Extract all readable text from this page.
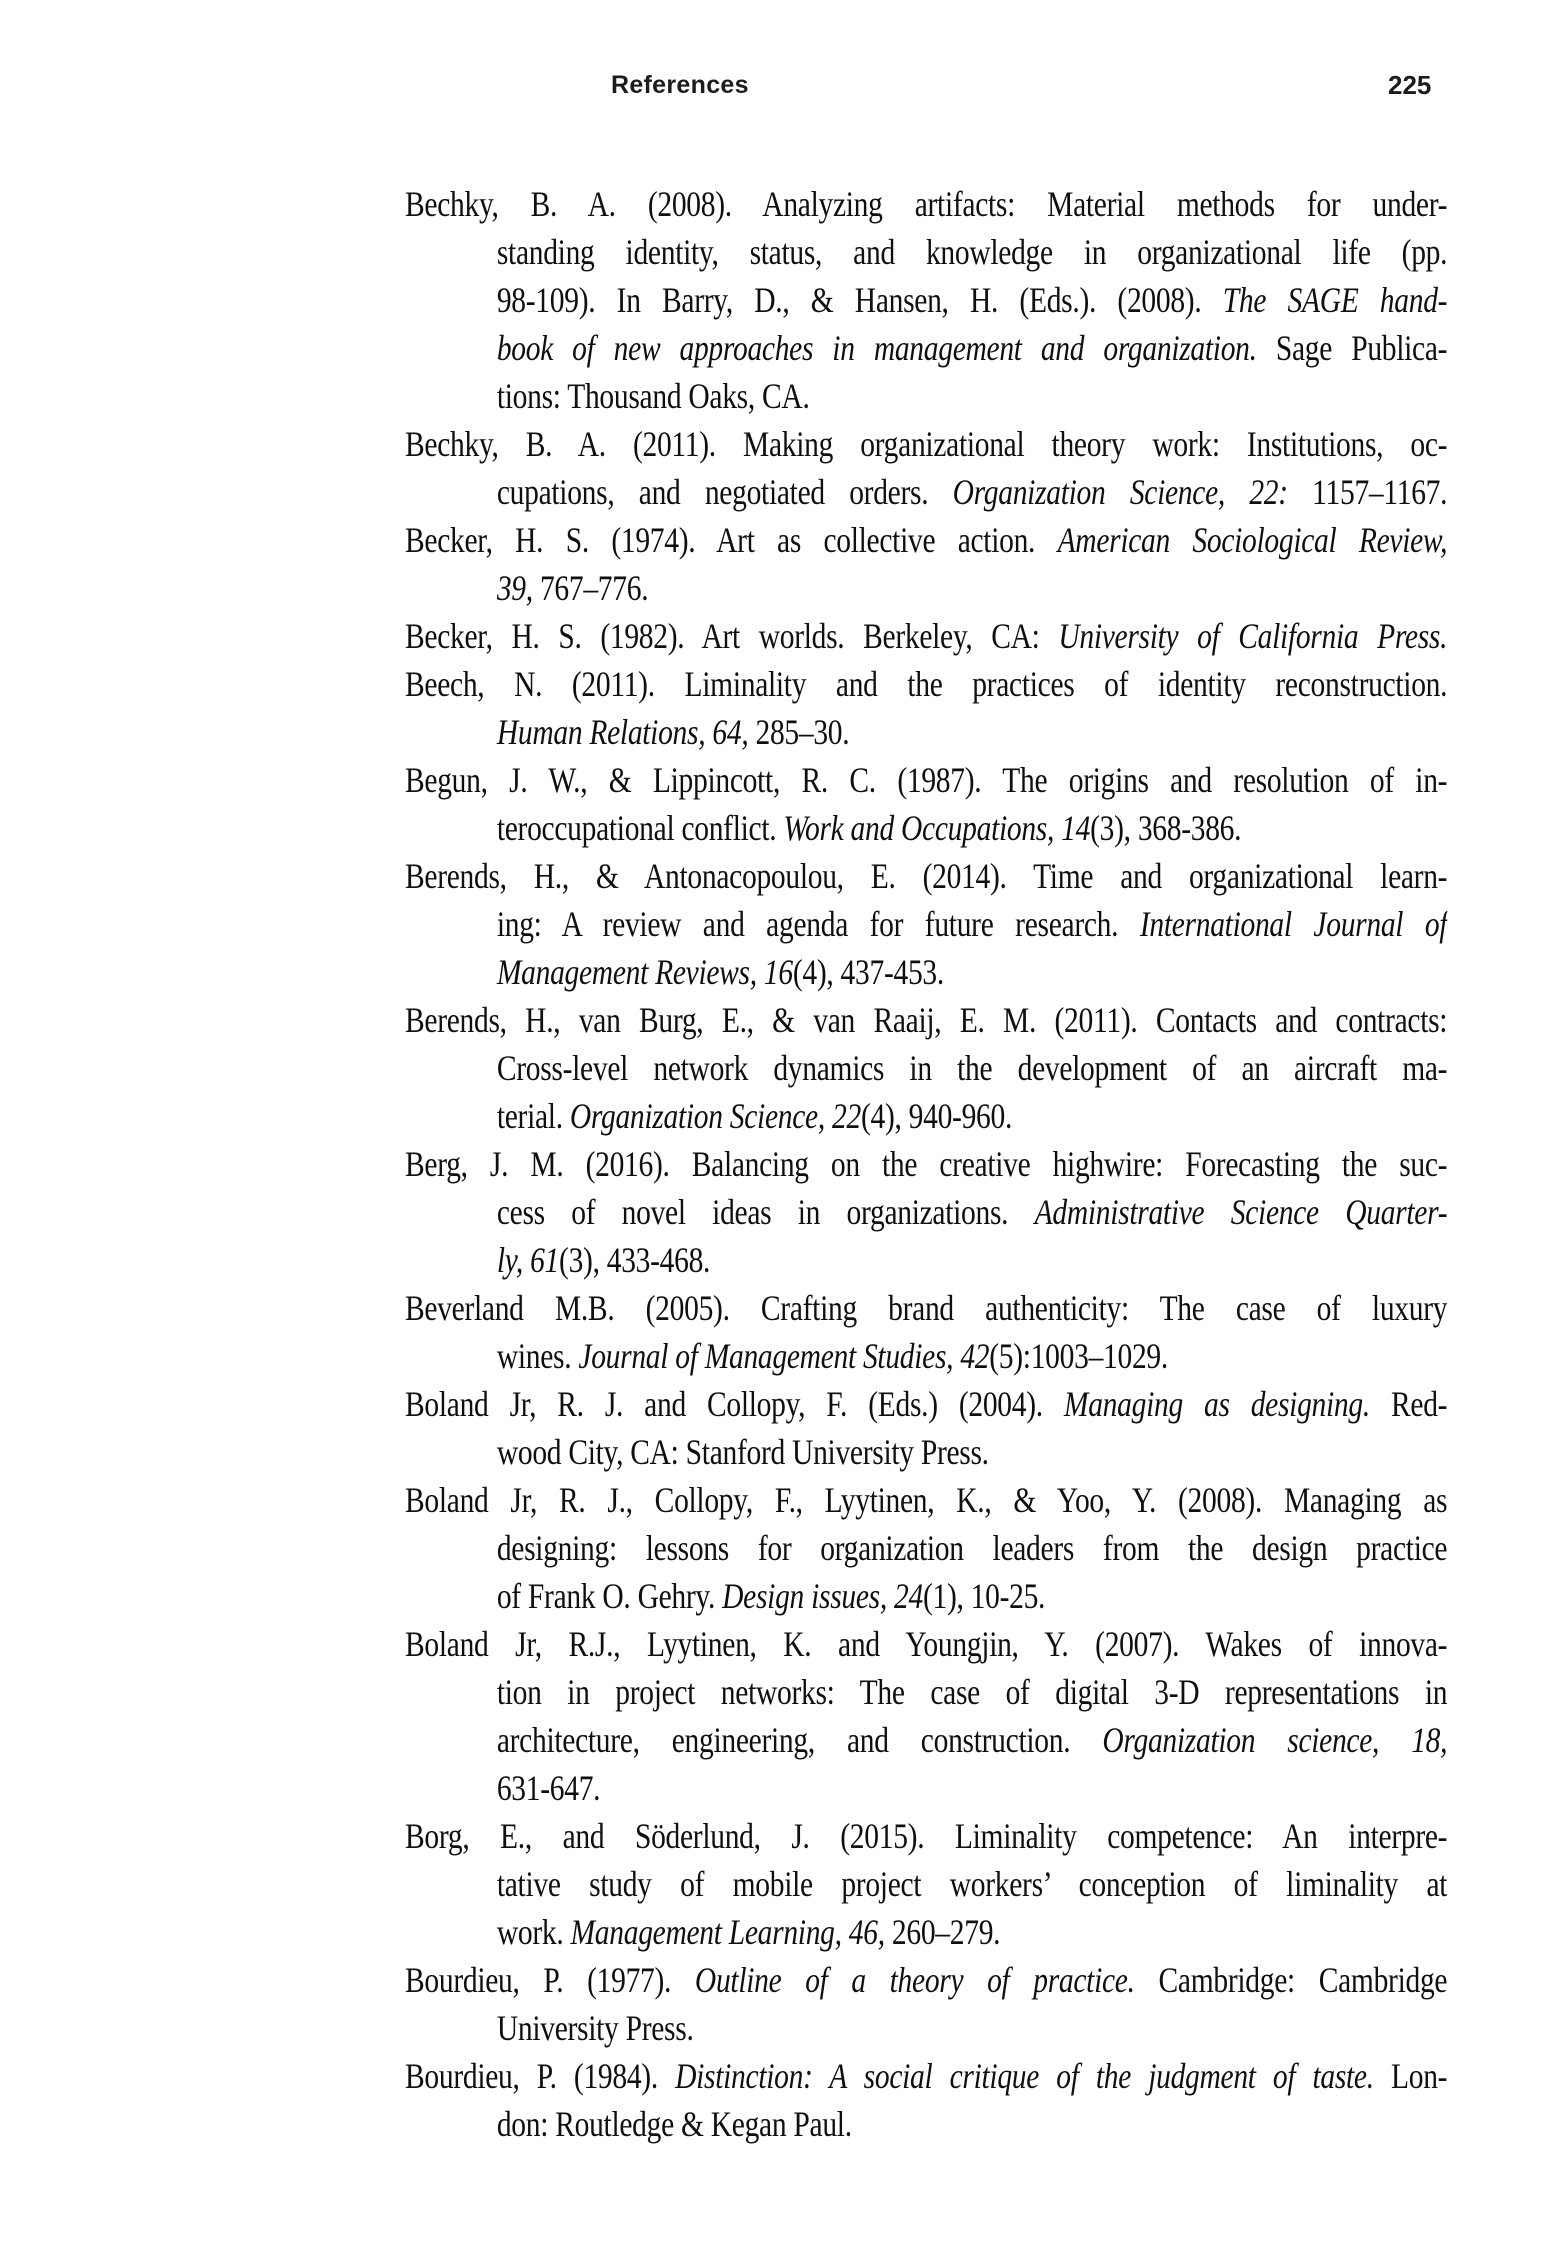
References	225
Bechky, B. A. (2008). Analyzing artifacts: Material methods for under-
standing identity, status, and knowledge in organizational life (pp.
98-109). In Barry, D., & Hansen, H. (Eds.). (2008). The SAGE hand-
book of new approaches in management and organization. Sage Publica-
tions: Thousand Oaks, CA.
Bechky, B. A. (2011). Making organizational theory work: Institutions, oc-
cupations, and negotiated orders. Organization Science, 22: 1157–1167.
Becker, H. S. (1974). Art as collective action. American Sociological Review,
39, 767–776.
Becker, H. S. (1982). Art worlds. Berkeley, CA: University of California Press.
Beech, N. (2011). Liminality and the practices of identity reconstruction.
Human Relations, 64, 285–30.
Begun, J. W., & Lippincott, R. C. (1987). The origins and resolution of in-
teroccupational conflict. Work and Occupations, 14(3), 368-386.
Berends, H., & Antonacopoulou, E. (2014). Time and organizational learn-
ing: A review and agenda for future research. International Journal of
Management Reviews, 16(4), 437-453.
Berends, H., van Burg, E., & van Raaij, E. M. (2011). Contacts and contracts:
Cross-level network dynamics in the development of an aircraft ma-
terial. Organization Science, 22(4), 940-960.
Berg, J. M. (2016). Balancing on the creative highwire: Forecasting the suc-
cess of novel ideas in organizations. Administrative Science Quarter-
ly, 61(3), 433-468.
Beverland M.B. (2005). Crafting brand authenticity: The case of luxury
wines. Journal of Management Studies, 42(5):1003–1029.
Boland Jr, R. J. and Collopy, F. (Eds.) (2004). Managing as designing. Red-
wood City, CA: Stanford University Press.
Boland Jr, R. J., Collopy, F., Lyytinen, K., & Yoo, Y. (2008). Managing as
designing: lessons for organization leaders from the design practice
of Frank O. Gehry. Design issues, 24(1), 10-25.
Boland Jr, R.J., Lyytinen, K. and Youngjin, Y. (2007). Wakes of innova-
tion in project networks: The case of digital 3-D representations in
architecture, engineering, and construction. Organization science, 18,
631-647.
Borg, E., and Söderlund, J. (2015). Liminality competence: An interpre-
tative study of mobile project workers’ conception of liminality at
work. Management Learning, 46, 260–279.
Bourdieu, P. (1977). Outline of a theory of practice. Cambridge: Cambridge
University Press.
Bourdieu, P. (1984). Distinction: A social critique of the judgment of taste. Lon-
don: Routledge & Kegan Paul.
